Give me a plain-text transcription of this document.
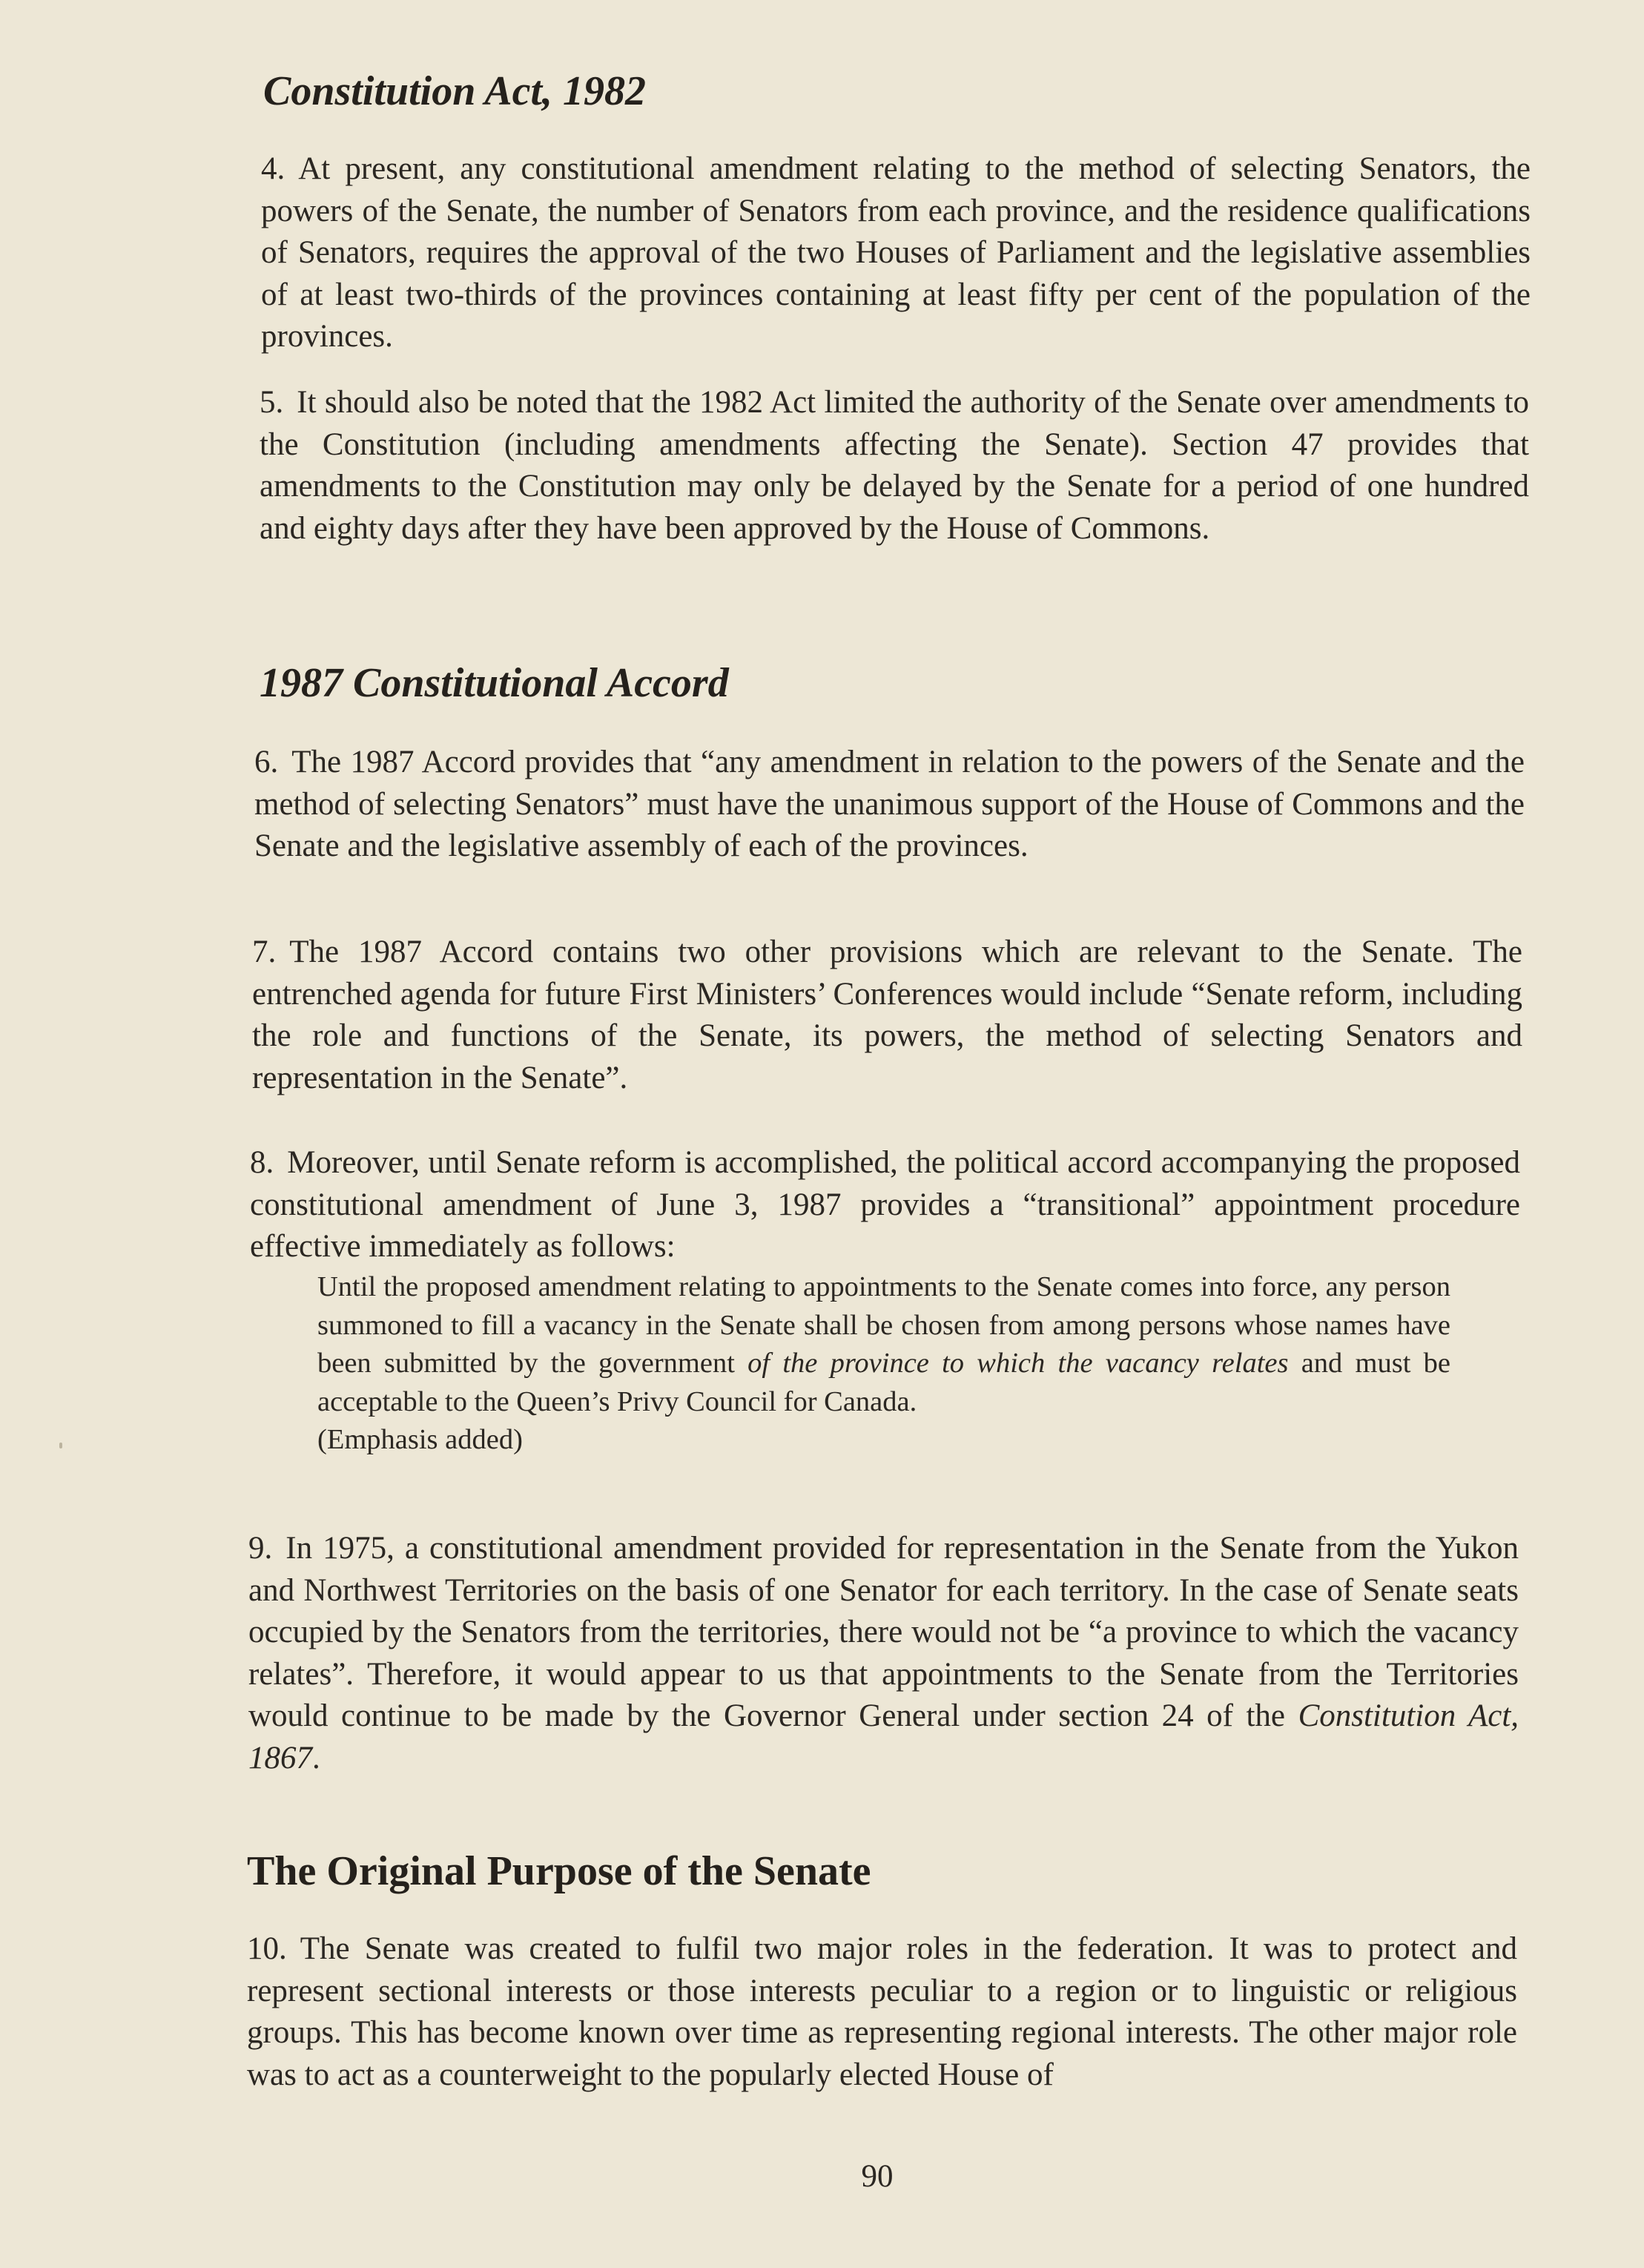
Constitution Act, 1982

4. At present, any constitutional amendment relating to the method of selecting Senators, the powers of the Senate, the number of Senators from each province, and the residence qualifications of Senators, requires the approval of the two Houses of Parliament and the legislative assemblies of at least two-thirds of the provinces containing at least fifty per cent of the population of the provinces.

5. It should also be noted that the 1982 Act limited the authority of the Senate over amendments to the Constitution (including amendments affecting the Senate). Section 47 provides that amendments to the Constitution may only be delayed by the Senate for a period of one hundred and eighty days after they have been approved by the House of Commons.

1987 Constitutional Accord

6. The 1987 Accord provides that “any amendment in relation to the powers of the Senate and the method of selecting Senators” must have the unanimous support of the House of Commons and the Senate and the legislative assembly of each of the provinces.

7. The 1987 Accord contains two other provisions which are relevant to the Senate. The entrenched agenda for future First Ministers’ Conferences would include “Senate reform, including the role and functions of the Senate, its powers, the method of selecting Senators and representation in the Senate”.

8. Moreover, until Senate reform is accomplished, the political accord accompanying the proposed constitutional amendment of June 3, 1987 provides a “transitional” appointment procedure effective immediately as follows:

Until the proposed amendment relating to appointments to the Senate comes into force, any person summoned to fill a vacancy in the Senate shall be chosen from among persons whose names have been submitted by the government of the province to which the vacancy relates and must be acceptable to the Queen’s Privy Council for Canada.
(Emphasis added)

9. In 1975, a constitutional amendment provided for representation in the Senate from the Yukon and Northwest Territories on the basis of one Senator for each territory. In the case of Senate seats occupied by the Senators from the territories, there would not be “a province to which the vacancy relates”. Therefore, it would appear to us that appointments to the Senate from the Territories would continue to be made by the Governor General under section 24 of the Constitution Act, 1867.

The Original Purpose of the Senate

10. The Senate was created to fulfil two major roles in the federation. It was to protect and represent sectional interests or those interests peculiar to a region or to linguistic or religious groups. This has become known over time as representing regional interests. The other major role was to act as a counterweight to the popularly elected House of

90
